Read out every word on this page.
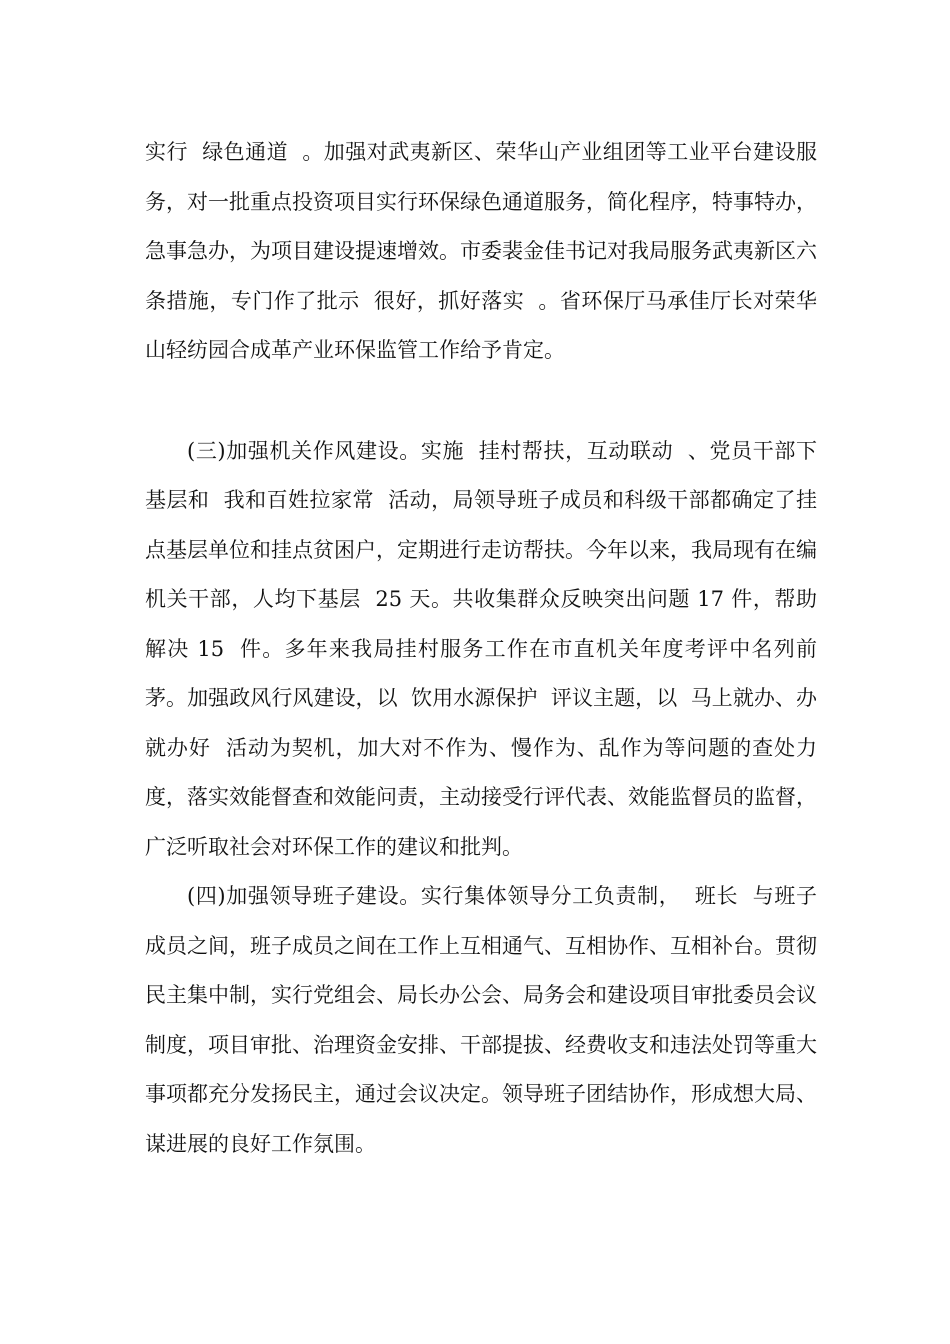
实行  绿色通道  。加强对武夷新区、荣华山产业组团等工业平台建设服务，对一批重点投资项目实行环保绿色通道服务，简化程序，特事特办，急事急办，为项目建设提速增效。市委裴金佳书记对我局服务武夷新区六条措施，专门作了批示  很好，抓好落实  。省环保厅马承佳厅长对荣华山轻纺园合成革产业环保监管工作给予肯定。

(三)加强机关作风建设。实施  挂村帮扶，互动联动  、党员干部下基层和  我和百姓拉家常  活动，局领导班子成员和科级干部都确定了挂点基层单位和挂点贫困户，定期进行走访帮扶。今年以来，我局现有在编机关干部，人均下基层  25 天。共收集群众反映突出问题 17 件，帮助解决 15  件。多年来我局挂村服务工作在市直机关年度考评中名列前茅。加强政风行风建设，以  饮用水源保护  评议主题，以  马上就办、办就办好  活动为契机，加大对不作为、慢作为、乱作为等问题的查处力度，落实效能督查和效能问责，主动接受行评代表、效能监督员的监督，广泛听取社会对环保工作的建议和批判。

(四)加强领导班子建设。实行集体领导分工负责制，  班长  与班子成员之间，班子成员之间在工作上互相通气、互相协作、互相补台。贯彻民主集中制，实行党组会、局长办公会、局务会和建设项目审批委员会议制度，项目审批、治理资金安排、干部提拔、经费收支和违法处罚等重大事项都充分发扬民主，通过会议决定。领导班子团结协作，形成想大局、谋进展的良好工作氛围。
